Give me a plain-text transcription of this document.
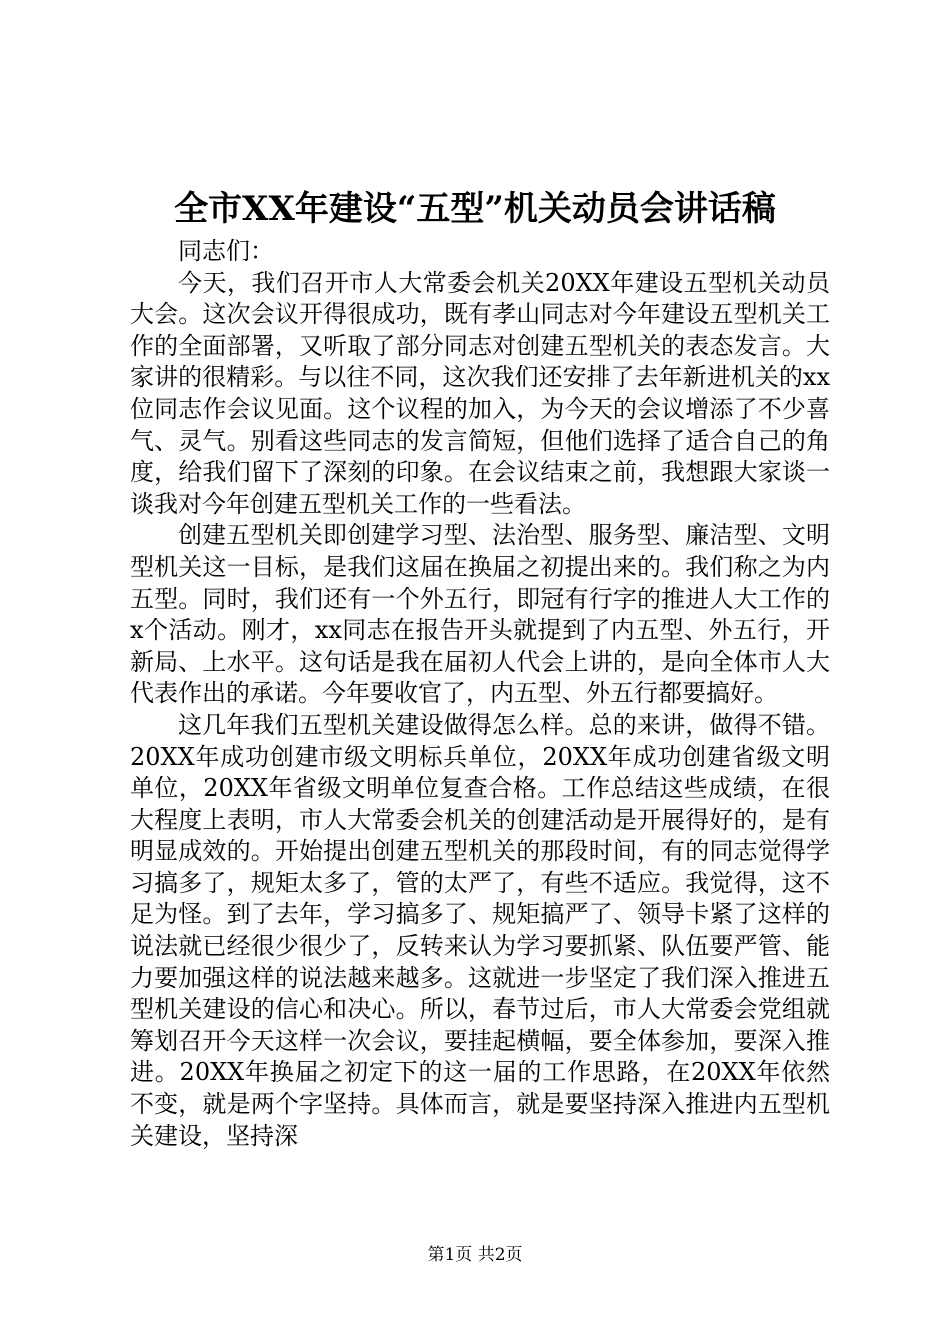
全市XX年建设“五型”机关动员会讲话稿

同志们：

今天，我们召开市人大常委会机关20XX年建设五型机关动员大会。这次会议开得很成功，既有孝山同志对今年建设五型机关工作的全面部署，又听取了部分同志对创建五型机关的表态发言。大家讲的很精彩。与以往不同，这次我们还安排了去年新进机关的xx位同志作会议见面。这个议程的加入，为今天的会议增添了不少喜气、灵气。别看这些同志的发言简短，但他们选择了适合自己的角度，给我们留下了深刻的印象。在会议结束之前，我想跟大家谈一谈我对今年创建五型机关工作的一些看法。

创建五型机关即创建学习型、法治型、服务型、廉洁型、文明型机关这一目标，是我们这届在换届之初提出来的。我们称之为内五型。同时，我们还有一个外五行，即冠有行字的推进人大工作的x个活动。刚才，xx同志在报告开头就提到了内五型、外五行，开新局、上水平。这句话是我在届初人代会上讲的，是向全体市人大代表作出的承诺。今年要收官了，内五型、外五行都要搞好。

这几年我们五型机关建设做得怎么样。总的来讲，做得不错。20XX年成功创建市级文明标兵单位，20XX年成功创建省级文明单位，20XX年省级文明单位复查合格。工作总结这些成绩，在很大程度上表明，市人大常委会机关的创建活动是开展得好的，是有明显成效的。开始提出创建五型机关的那段时间，有的同志觉得学习搞多了，规矩太多了，管的太严了，有些不适应。我觉得，这不足为怪。到了去年，学习搞多了、规矩搞严了、领导卡紧了这样的说法就已经很少很少了，反转来认为学习要抓紧、队伍要严管、能力要加强这样的说法越来越多。这就进一步坚定了我们深入推进五型机关建设的信心和决心。所以，春节过后，市人大常委会党组就筹划召开今天这样一次会议，要挂起横幅，要全体参加，要深入推进。20XX年换届之初定下的这一届的工作思路，在20XX年依然不变，就是两个字坚持。具体而言，就是要坚持深入推进内五型机关建设，坚持深

第1页 共2页
